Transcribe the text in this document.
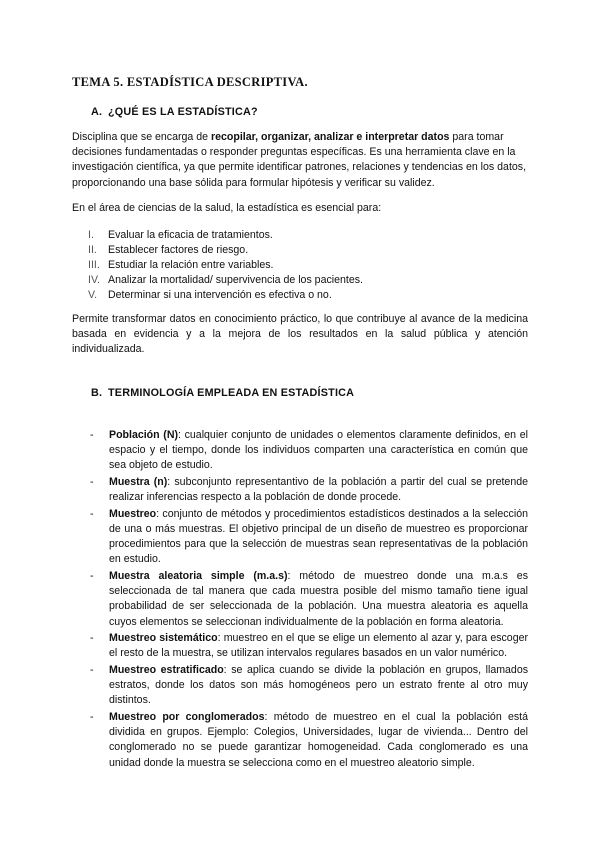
TEMA 5. ESTADÍSTICA DESCRIPTIVA.
A. ¿QUÉ ES LA ESTADÍSTICA?

Disciplina que se encarga de recopilar, organizar, analizar e interpretar datos para tomar decisiones fundamentadas o responder preguntas específicas. Es una herramienta clave en la investigación científica, ya que permite identificar patrones, relaciones y tendencias en los datos, proporcionando una base sólida para formular hipótesis y verificar su validez.

En el área de ciencias de la salud, la estadística es esencial para:

I. Evaluar la eficacia de tratamientos.
II. Establecer factores de riesgo.
III. Estudiar la relación entre variables.
IV. Analizar la mortalidad/ supervivencia de los pacientes.
V. Determinar si una intervención es efectiva o no.

Permite transformar datos en conocimiento práctico, lo que contribuye al avance de la medicina basada en evidencia y a la mejora de los resultados en la salud pública y atención individualizada.

B. TERMINOLOGÍA EMPLEADA EN ESTADÍSTICA
- Población (N): cualquier conjunto de unidades o elementos claramente definidos, en el espacio y el tiempo, donde los individuos comparten una característica en común que sea objeto de estudio.
- Muestra (n): subconjunto representantivo de la población a partir del cual se pretende realizar inferencias respecto a la población de donde procede.
- Muestreo: conjunto de métodos y procedimientos estadísticos destinados a la selección de una o más muestras. El objetivo principal de un diseño de muestreo es proporcionar procedimientos para que la selección de muestras sean representativas de la población en estudio.
- Muestra aleatoria simple (m.a.s): método de muestreo donde una m.a.s es seleccionada de tal manera que cada muestra posible del mismo tamaño tiene igual probabilidad de ser seleccionada de la población. Una muestra aleatoria es aquella cuyos elementos se seleccionan individualmente de la población en forma aleatoria.
- Muestreo sistemático: muestreo en el que se elige un elemento al azar y, para escoger el resto de la muestra, se utilizan intervalos regulares basados en un valor numérico.
- Muestreo estratificado: se aplica cuando se divide la población en grupos, llamados estratos, donde los datos son más homogéneos pero un estrato frente al otro muy distintos.
- Muestreo por conglomerados: método de muestreo en el cual la población está dividida en grupos. Ejemplo: Colegios, Universidades, lugar de vivienda... Dentro del conglomerado no se puede garantizar homogeneidad. Cada conglomerado es una unidad donde la muestra se selecciona como en el muestreo aleatorio simple.
